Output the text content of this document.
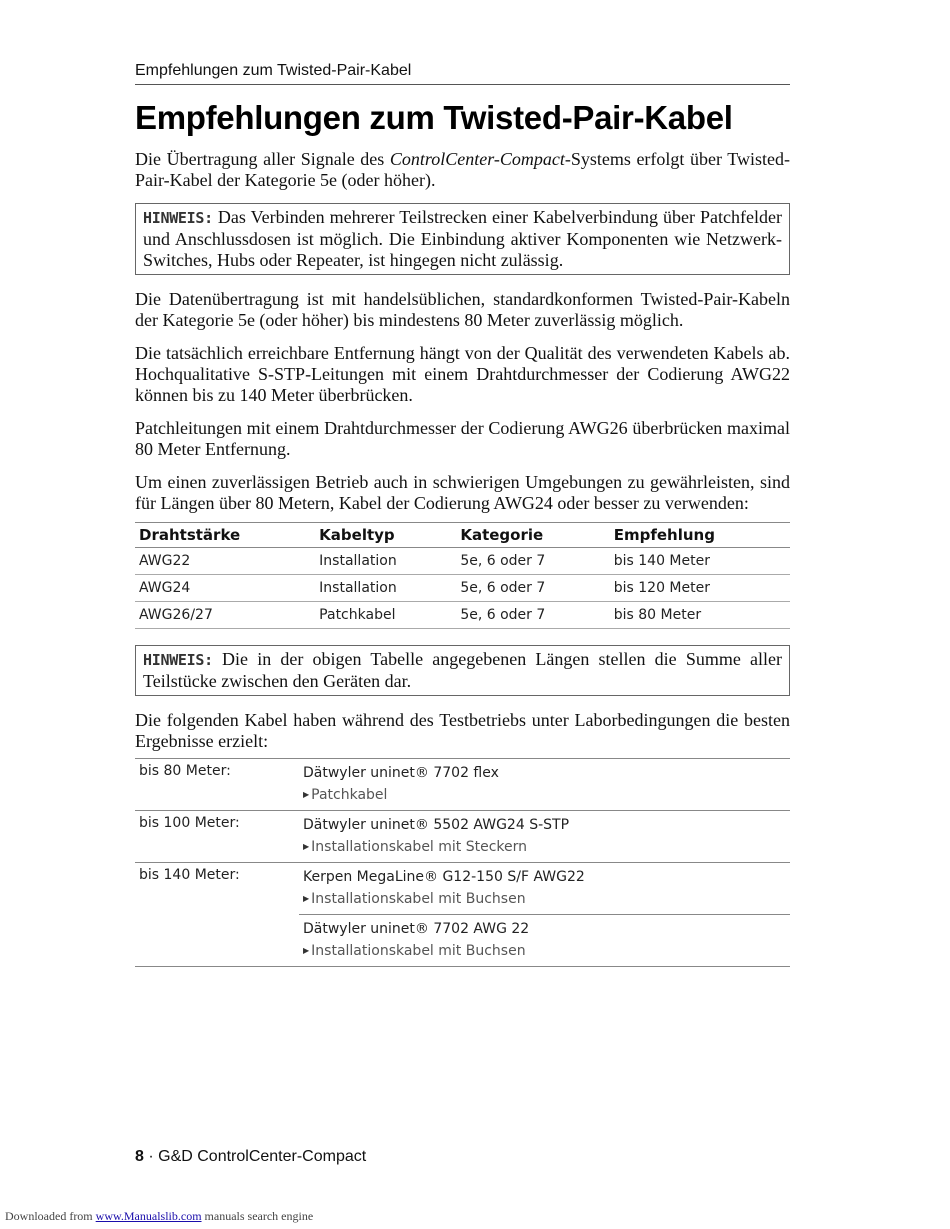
Empfehlungen zum Twisted-Pair-Kabel
Empfehlungen zum Twisted-Pair-Kabel

Die Übertragung aller Signale des ControlCenter-Compact-Systems erfolgt über Twisted-Pair-Kabel der Kategorie 5e (oder höher).

HINWEIS: Das Verbinden mehrerer Teilstrecken einer Kabelverbindung über Patchfelder und Anschlussdosen ist möglich. Die Einbindung aktiver Komponenten wie Netzwerk-Switches, Hubs oder Repeater, ist hingegen nicht zulässig.

Die Datenübertragung ist mit handelsüblichen, standardkonformen Twisted-Pair-Kabeln der Kategorie 5e (oder höher) bis mindestens 80 Meter zuverlässig möglich.

Die tatsächlich erreichbare Entfernung hängt von der Qualität des verwendeten Kabels ab. Hochqualitative S-STP-Leitungen mit einem Drahtdurchmesser der Codierung AWG22 können bis zu 140 Meter überbrücken.

Patchleitungen mit einem Drahtdurchmesser der Codierung AWG26 überbrücken maximal 80 Meter Entfernung.

Um einen zuverlässigen Betrieb auch in schwierigen Umgebungen zu gewährleisten, sind für Längen über 80 Metern, Kabel der Codierung AWG24 oder besser zu verwenden:

Drahtstärke	Kabeltyp	Kategorie	Empfehlung
AWG22	Installation	5e, 6 oder 7	bis 140 Meter
AWG24	Installation	5e, 6 oder 7	bis 120 Meter
AWG26/27	Patchkabel	5e, 6 oder 7	bis 80 Meter
HINWEIS: Die in der obigen Tabelle angegebenen Längen stellen die Summe aller Teilstücke zwischen den Geräten dar.

Die folgenden Kabel haben während des Testbetriebs unter Laborbedingungen die besten Ergebnisse erzielt:

bis 80 Meter:	Dätwyler uninet® 7702 flex
▶ Patchkabel

bis 100 Meter:	Dätwyler uninet® 5502 AWG24 S-STP
▶ Installationskabel mit Steckern

bis 140 Meter:	Kerpen MegaLine® G12-150 S/F AWG22
▶ Installationskabel mit Buchsen

	Dätwyler uninet® 7702 AWG 22
▶ Installationskabel mit Buchsen
8 · G&D ControlCenter-Compact
Downloaded from www.Manualslib.com manuals search engine
